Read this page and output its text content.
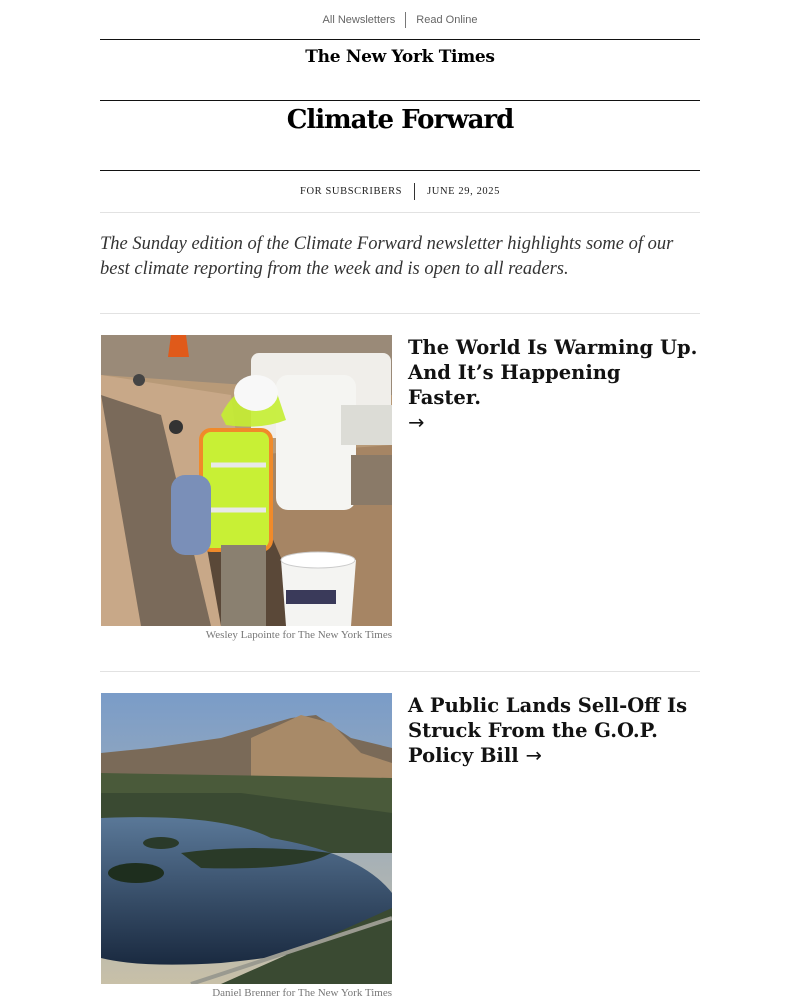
All Newsletters Read Online
The New York Times
Climate Forward
FOR SUBSCRIBERS JUNE 29, 2025
The Sunday edition of the Climate Forward newsletter highlights some of our best climate reporting from the week and is open to all readers.
Wesley Lapointe for The New York Times
The World Is Warming Up. And It’s Happening Faster.
→
Daniel Brenner for The New York Times
A Public Lands Sell-Off Is Struck From the G.O.P. Policy Bill →
